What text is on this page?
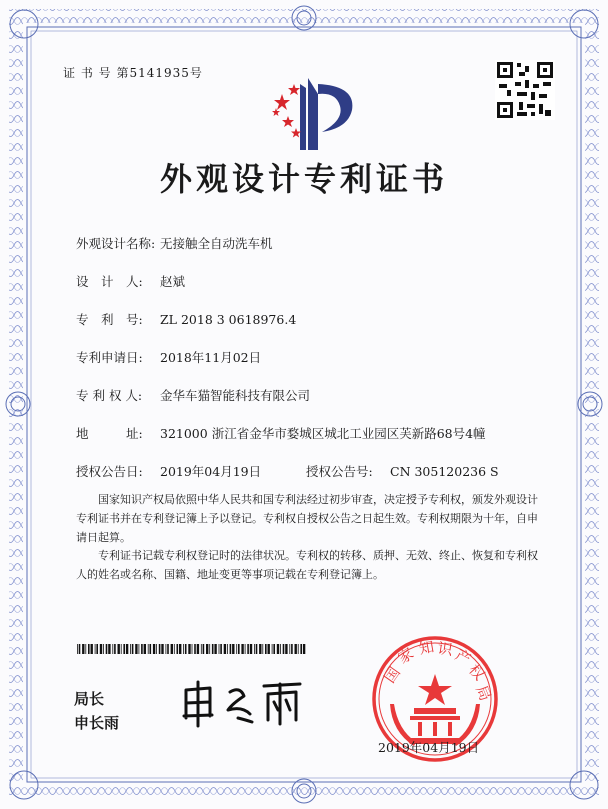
证 书 号 第5141935号
外观设计专利证书
外观设计名称: 无接触全自动洗车机
设　计　人: 赵斌
专　利　号: ZL 2018 3 0618976.4
专利申请日: 2018年11月02日
专 利 权 人: 金华车猫智能科技有限公司
地　　　址: 321000 浙江省金华市婺城区城北工业园区芙新路68号4幢
授权公告日: 2019年04月19日	授权公告号: CN 305120236 S
国家知识产权局依照中华人民共和国专利法经过初步审查，决定授予专利权，颁发外观设计专利证书并在专利登记簿上予以登记。专利权自授权公告之日起生效。专利权期限为十年，自申请日起算。
专利证书记载专利权登记时的法律状况。专利权的转移、质押、无效、终止、恢复和专利权人的姓名或名称、国籍、地址变更等事项记载在专利登记簿上。
局长
申长雨
国
家 知 识
产
权
局
2019年04月19日
